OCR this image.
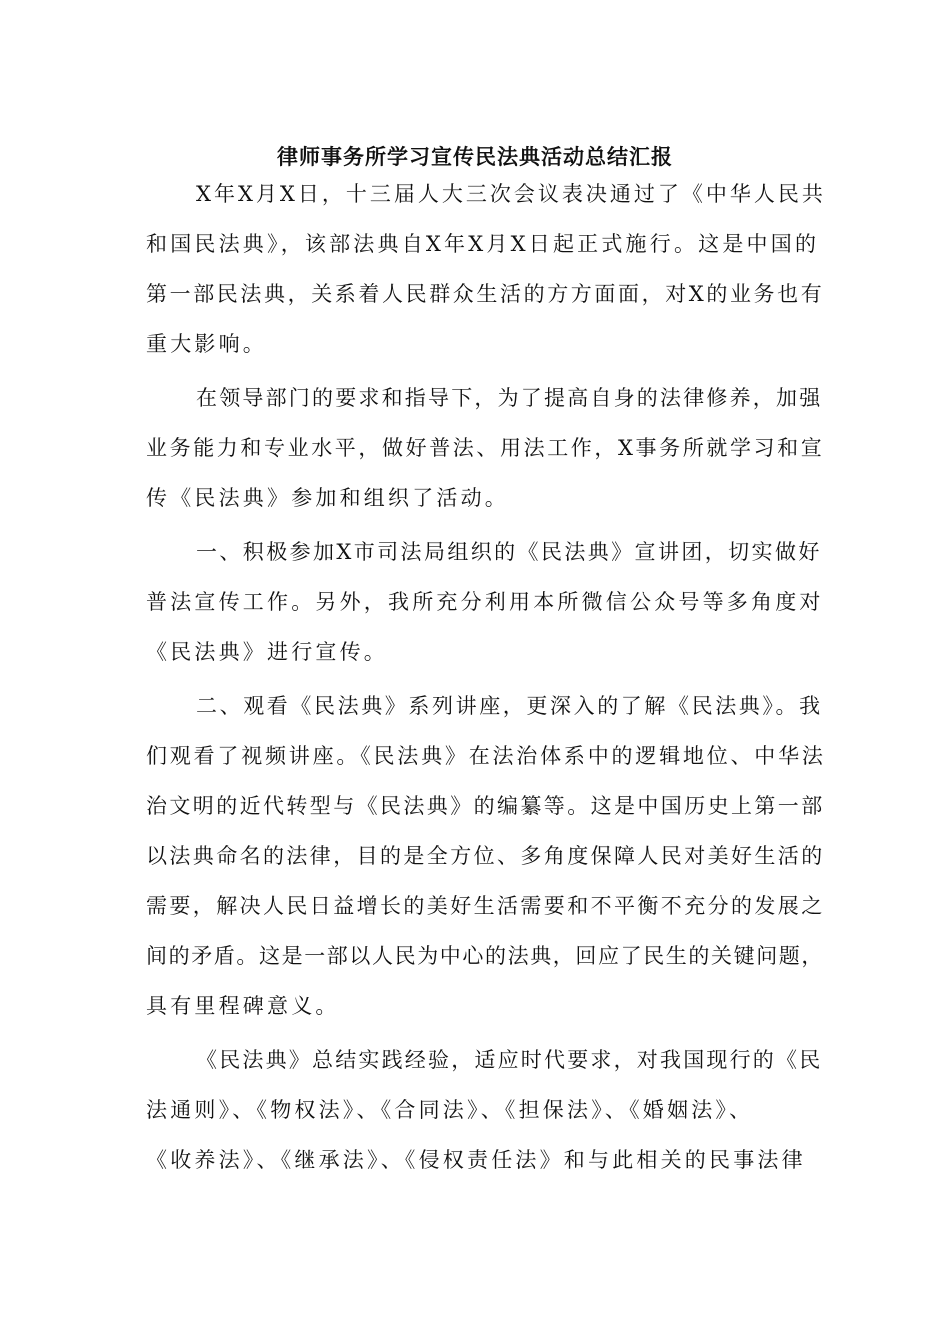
律师事务所学习宣传民法典活动总结汇报

X年X月X日，十三届人大三次会议表决通过了《中华人民共
和国民法典》，该部法典自X年X月X日起正式施行。这是中国的
第一部民法典，关系着人民群众生活的方方面面，对X的业务也有
重大影响。

在领导部门的要求和指导下，为了提高自身的法律修养，加强
业务能力和专业水平，做好普法、用法工作，X事务所就学习和宣
传《民法典》参加和组织了活动。

一、积极参加X市司法局组织的《民法典》宣讲团，切实做好
普法宣传工作。另外，我所充分利用本所微信公众号等多角度对
《民法典》进行宣传。

二、观看《民法典》系列讲座，更深入的了解《民法典》。我
们观看了视频讲座。《民法典》在法治体系中的逻辑地位、中华法
治文明的近代转型与《民法典》的编纂等。这是中国历史上第一部
以法典命名的法律，目的是全方位、多角度保障人民对美好生活的
需要，解决人民日益增长的美好生活需要和不平衡不充分的发展之
间的矛盾。这是一部以人民为中心的法典，回应了民生的关键问题，
具有里程碑意义。

《民法典》总结实践经验，适应时代要求，对我国现行的《民
法通则》、《物权法》、《合同法》、《担保法》、《婚姻法》、
《收养法》、《继承法》、《侵权责任法》和与此相关的民事法律
